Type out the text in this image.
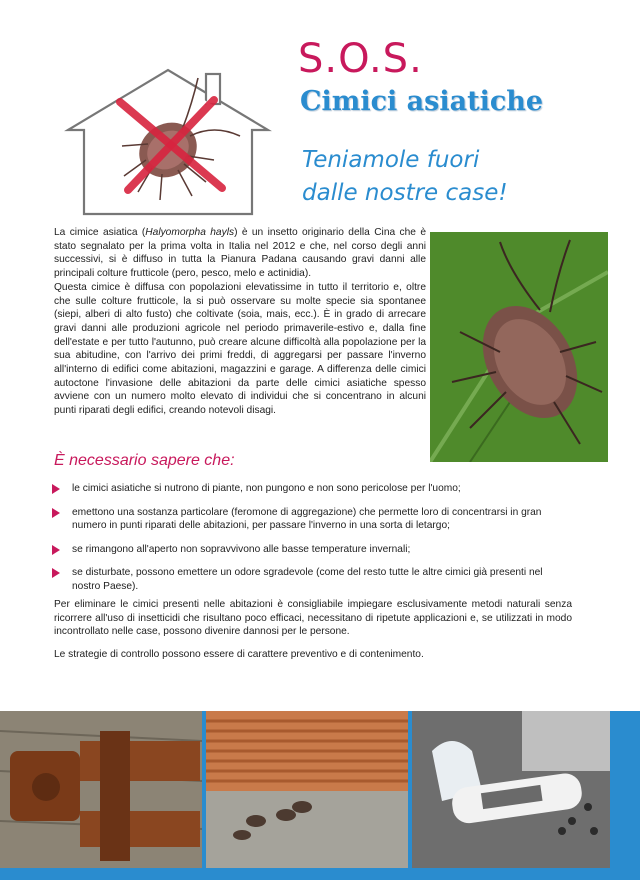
S.O.S.

Cimici asiatiche

Teniamole fuori
dalle nostre case!

La cimice asiatica (Halyomorpha hayls) è un insetto originario della Cina che è stato segnalato per la prima volta in Italia nel 2012 e che, nel corso degli anni successivi, si è diffuso in tutta la Pianura Padana causando gravi danni alle principali colture frutticole (pero, pesco, melo e actinidia).
Questa cimice è diffusa con popolazioni elevatissime in tutto il territorio e, oltre che sulle colture frutticole, la si può osservare su molte specie sia spontanee (siepi, alberi di alto fusto) che coltivate (soia, mais, ecc.). È in grado di arrecare gravi danni alle produzioni agricole nel periodo primaverile-estivo e, dalla fine dell'estate e per tutto l'autunno, può creare alcune difficoltà alla popolazione per la sua abitudine, con l'arrivo dei primi freddi, di aggregarsi per passare l'inverno all'interno di edifici come abitazioni, magazzini e garage. A differenza delle cimici autoctone l'invasione delle abitazioni da parte delle cimici asiatiche spesso avviene con un numero molto elevato di individui che si concentrano in alcuni punti riparati degli edifici, creando notevoli disagi.

È necessario sapere che:

le cimici asiatiche si nutrono di piante, non pungono e non sono pericolose per l'uomo;
emettono una sostanza particolare (feromone di aggregazione) che permette loro di concentrarsi in gran numero in punti riparati delle abitazioni, per passare l'inverno in una sorta di letargo;
se rimangono all'aperto non sopravvivono alle basse temperature invernali;
se disturbate, possono emettere un odore sgradevole (come del resto tutte le altre cimici già presenti nel nostro Paese).

Per eliminare le cimici presenti nelle abitazioni è consigliabile impiegare esclusivamente metodi naturali senza ricorrere all'uso di insetticidi che risultano poco efficaci, necessitano di ripetute applicazioni e, se utilizzati in modo incontrollato nelle case, possono divenire dannosi per le persone.

Le strategie di controllo possono essere di carattere preventivo e di contenimento.
